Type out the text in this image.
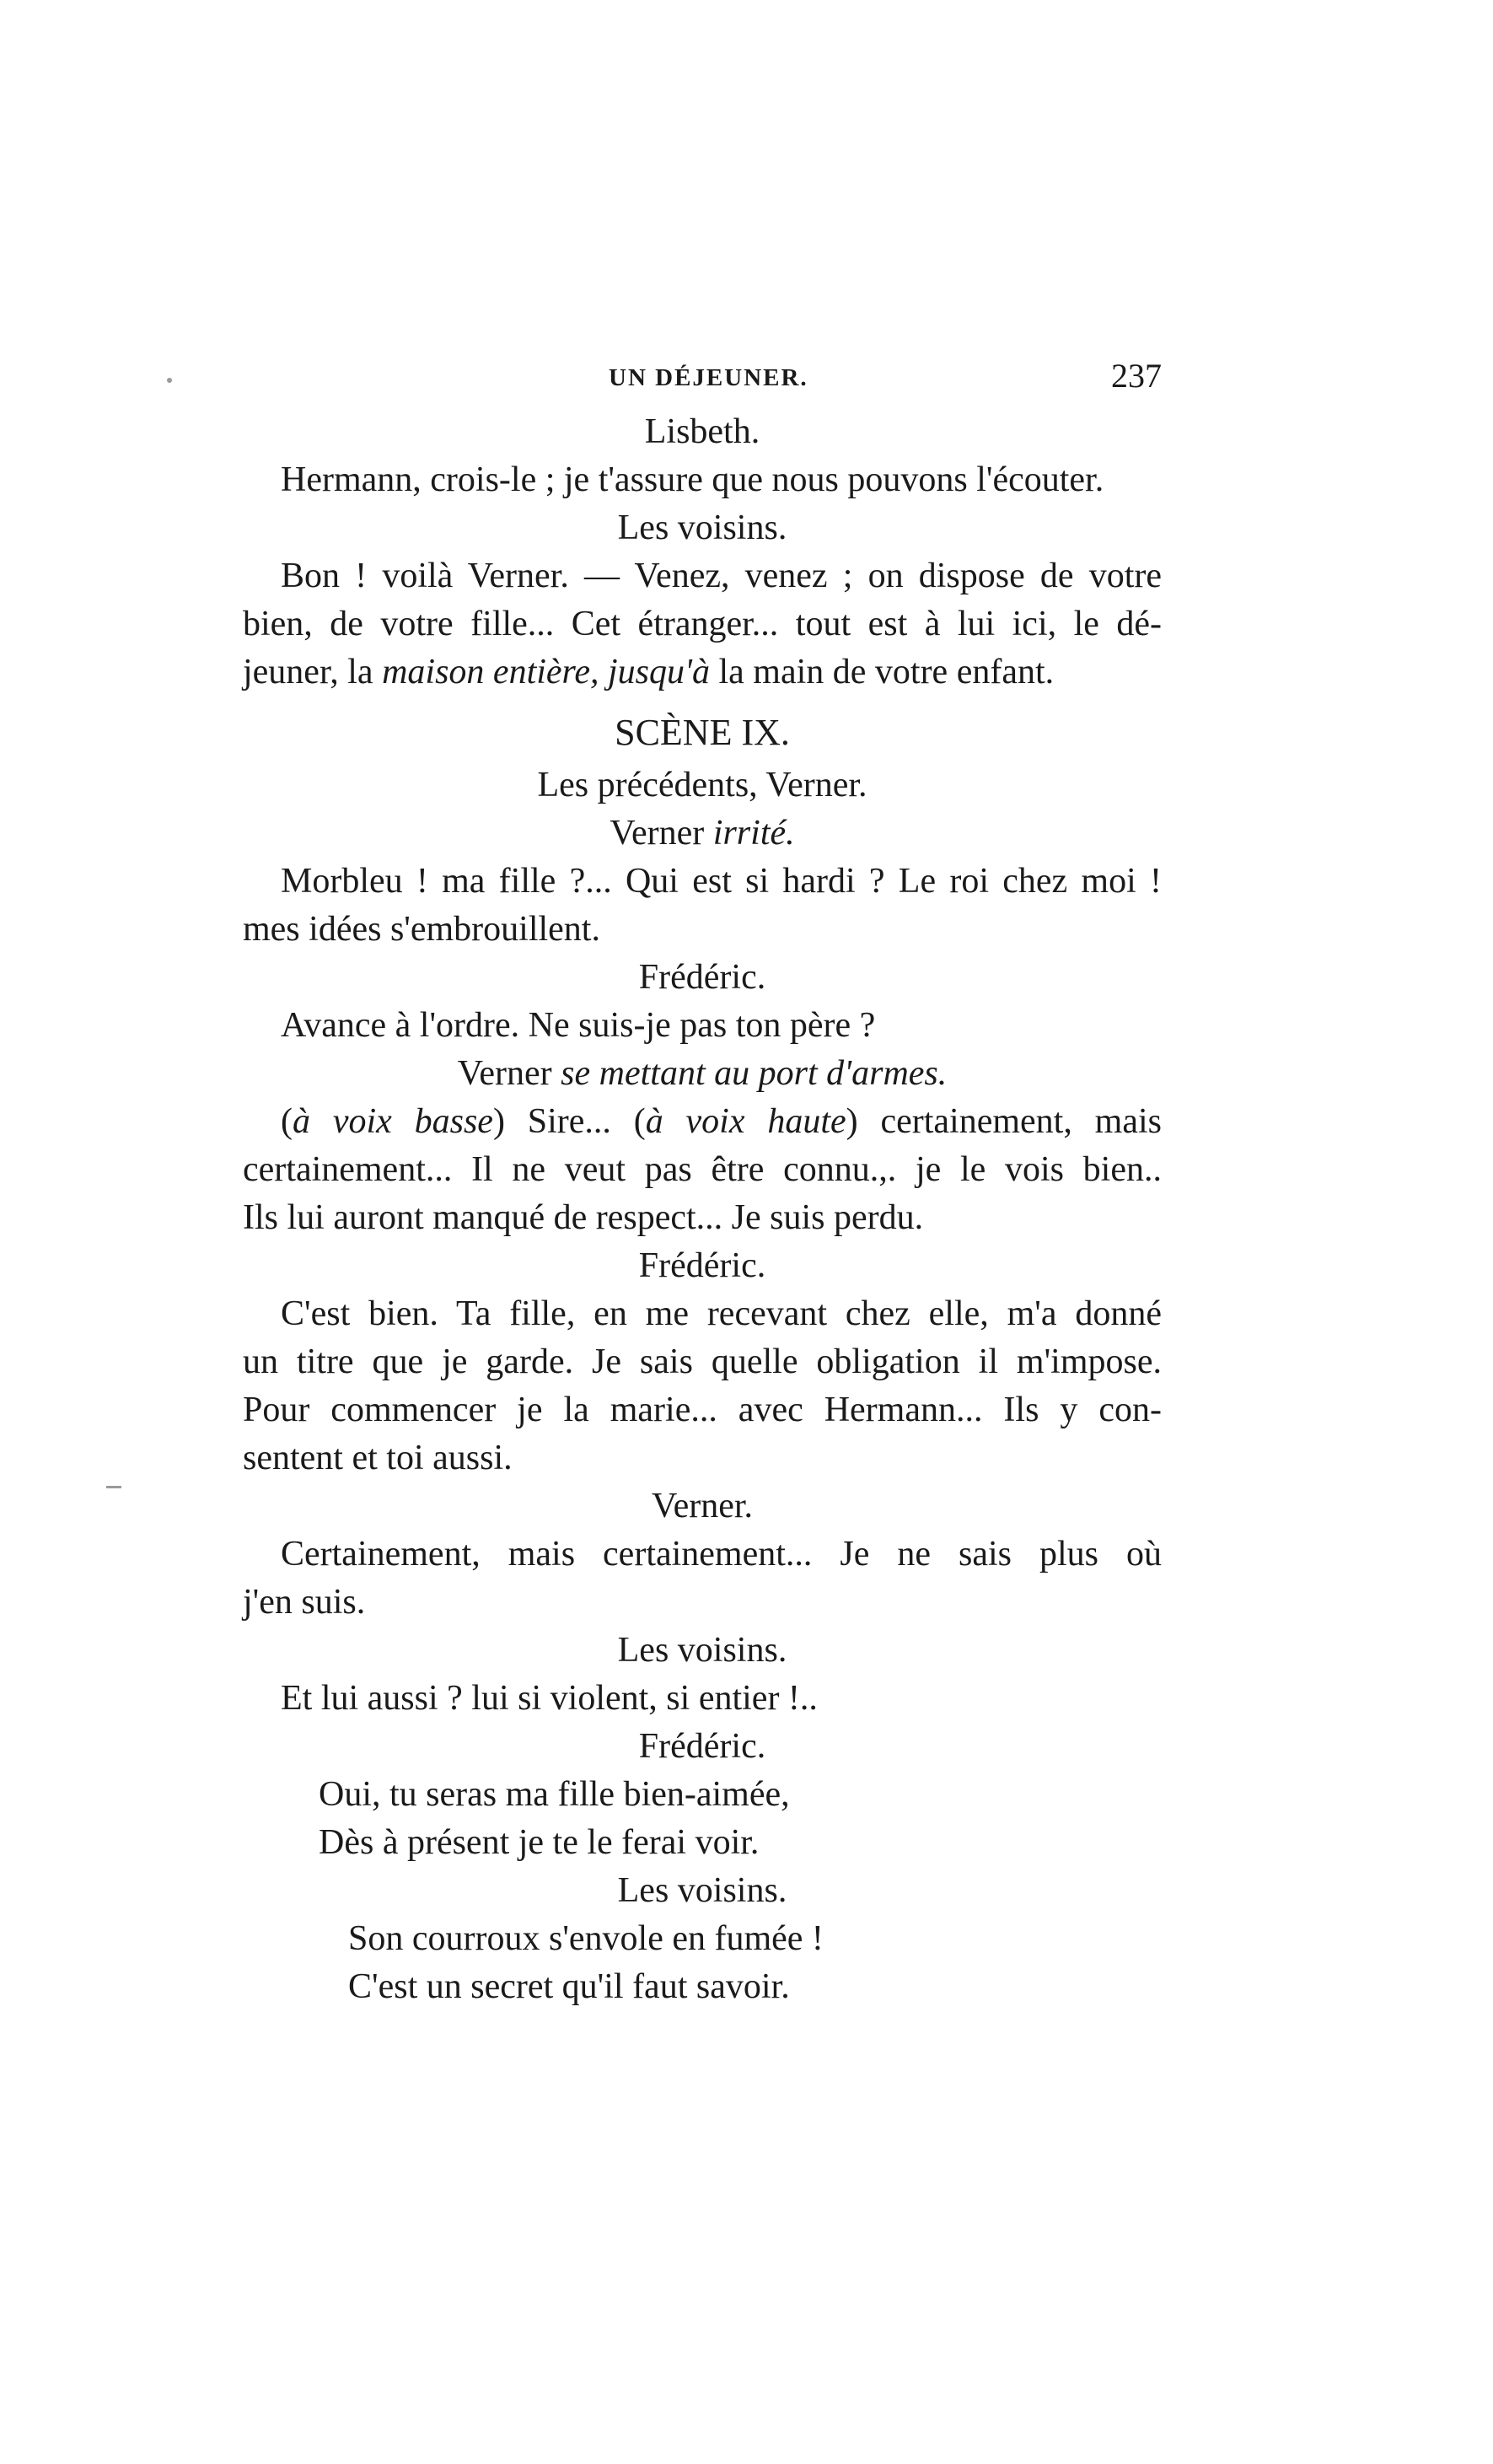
UN DÉJEUNER.	237
Lisbeth.
Hermann, crois-le ; je t'assure que nous pouvons l'écouter.
Les voisins.
Bon ! voilà Verner. — Venez, venez ; on dispose de votre
bien, de votre fille... Cet étranger... tout est à lui ici, le dé-
jeuner, la maison entière, jusqu'à la main de votre enfant.
SCÈNE IX.
Les précédents, Verner.
Verner irrité.
Morbleu ! ma fille ?... Qui est si hardi ? Le roi chez moi !
mes idées s'embrouillent.
Frédéric.
Avance à l'ordre. Ne suis-je pas ton père ?
Verner se mettant au port d'armes.
(à voix basse) Sire... (à voix haute) certainement, mais
certainement... Il ne veut pas être connu.,. je le vois bien..
Ils lui auront manqué de respect... Je suis perdu.
Frédéric.
C'est bien. Ta fille, en me recevant chez elle, m'a donné
un titre que je garde. Je sais quelle obligation il m'impose.
Pour commencer je la marie... avec Hermann... Ils y con-
sentent et toi aussi.
Verner.
Certainement, mais certainement... Je ne sais plus où
j'en suis.
Les voisins.
Et lui aussi ? lui si violent, si entier !..
Frédéric.
Oui, tu seras ma fille bien-aimée,
Dès à présent je te le ferai voir.
Les voisins.
Son courroux s'envole en fumée !
C'est un secret qu'il faut savoir.
